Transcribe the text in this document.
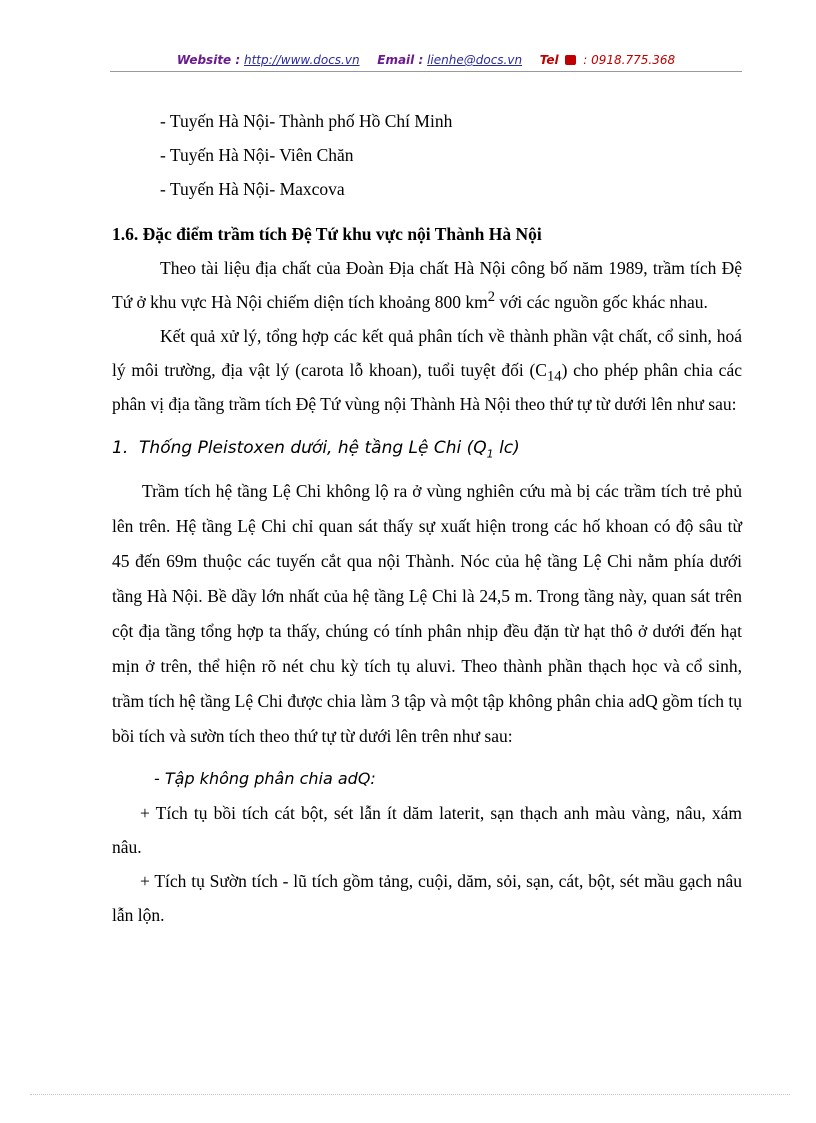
Website : http://www.docs.vn Email : lienhe@docs.vn Tel : 0918.775.368

- Tuyến Hà Nội- Thành phố Hồ Chí Minh

- Tuyến Hà Nội- Viên Chăn

- Tuyến Hà Nội- Maxcova

1.6. Đặc điểm trầm tích Đệ Tứ khu vực nội Thành Hà Nội

Theo tài liệu địa chất của Đoàn Địa chất Hà Nội công bố năm 1989, trầm tích Đệ Tứ ở khu vực Hà Nội chiếm diện tích khoảng 800 $km^2$ với các nguồn gốc khác nhau.

Kết quả xử lý, tổng hợp các kết quả phân tích về thành phần vật chất, cổ sinh, hoá lý môi trường, địa vật lý (carota lỗ khoan), tuổi tuyệt đối $(C_{14})$ cho phép phân chia các phân vị địa tầng trầm tích Đệ Tứ vùng nội Thành Hà Nội theo thứ tự từ dưới lên như sau:

1. Thống Pleistoxen dưới, hệ tầng Lệ Chi ($Q_1$ lc)

Trầm tích hệ tầng Lệ Chi không lộ ra ở vùng nghiên cứu mà bị các trầm tích trẻ phủ lên trên. Hệ tầng Lệ Chi chỉ quan sát thấy sự xuất hiện trong các hố khoan có độ sâu từ 45 đến 69m thuộc các tuyến cắt qua nội Thành. Nóc của hệ tầng Lệ Chi nằm phía dưới tầng Hà Nội. Bề dầy lớn nhất của hệ tầng Lệ Chi là 24,5 m. Trong tầng này, quan sát trên cột địa tầng tổng hợp ta thấy, chúng có tính phân nhịp đều đặn từ hạt thô ở dưới đến hạt mịn ở trên, thể hiện rõ nét chu kỳ tích tụ aluvi. Theo thành phần thạch học và cổ sinh, trầm tích hệ tầng Lệ Chi được chia làm 3 tập và một tập không phân chia adQ gồm tích tụ bồi tích và sườn tích theo thứ tự từ dưới lên trên như sau:

- Tập không phân chia adQ:

+ Tích tụ bồi tích cát bột, sét lẫn ít dăm laterit, sạn thạch anh màu vàng, nâu, xám nâu.

+ Tích tụ Sườn tích - lũ tích gồm tảng, cuội, dăm, sỏi, sạn, cát, bột, sét mầu gạch nâu lẫn lộn.
